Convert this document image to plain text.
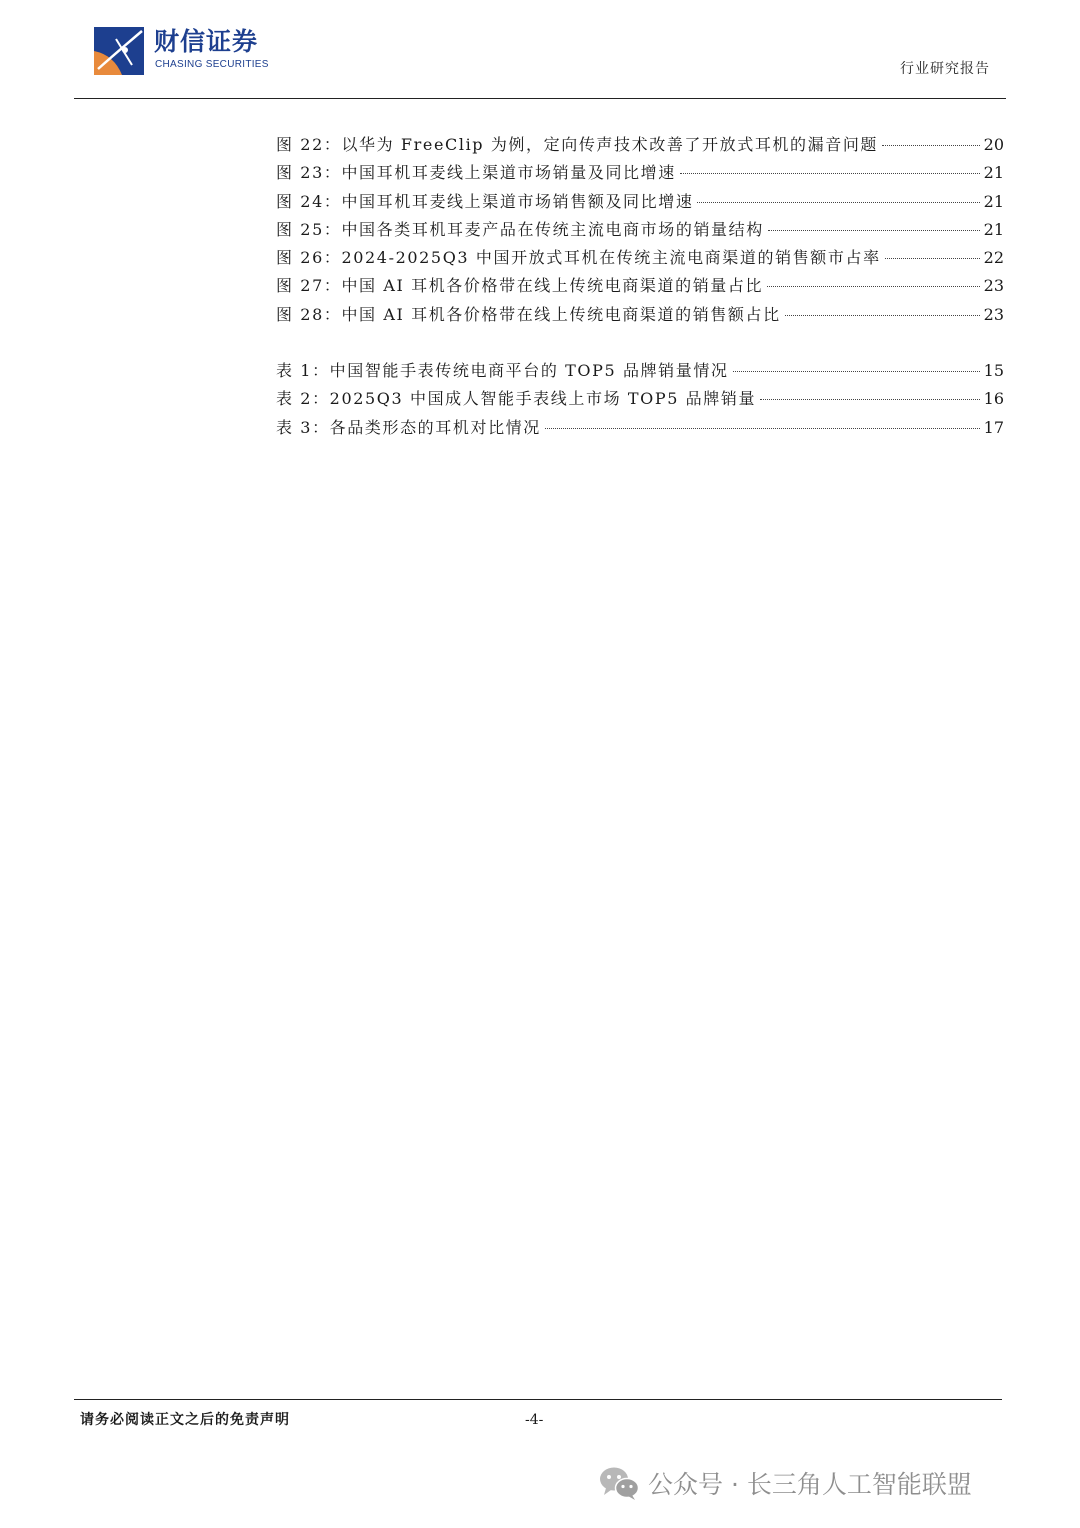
财信证券
CHASING SECURITIES	行业研究报告
图 22：以华为 FreeClip 为例，定向传声技术改善了开放式耳机的漏音问题	20
图 23：中国耳机耳麦线上渠道市场销量及同比增速	21
图 24：中国耳机耳麦线上渠道市场销售额及同比增速	21
图 25：中国各类耳机耳麦产品在传统主流电商市场的销量结构	21
图 26：2024-2025Q3 中国开放式耳机在传统主流电商渠道的销售额市占率	22
图 27：中国 AI 耳机各价格带在线上传统电商渠道的销量占比	23
图 28：中国 AI 耳机各价格带在线上传统电商渠道的销售额占比	23
表 1：中国智能手表传统电商平台的 TOP5 品牌销量情况	15
表 2：2025Q3 中国成人智能手表线上市场 TOP5 品牌销量	16
表 3：各品类形态的耳机对比情况	17
请务必阅读正文之后的免责声明	-4-
公众号 · 长三角人工智能联盟
